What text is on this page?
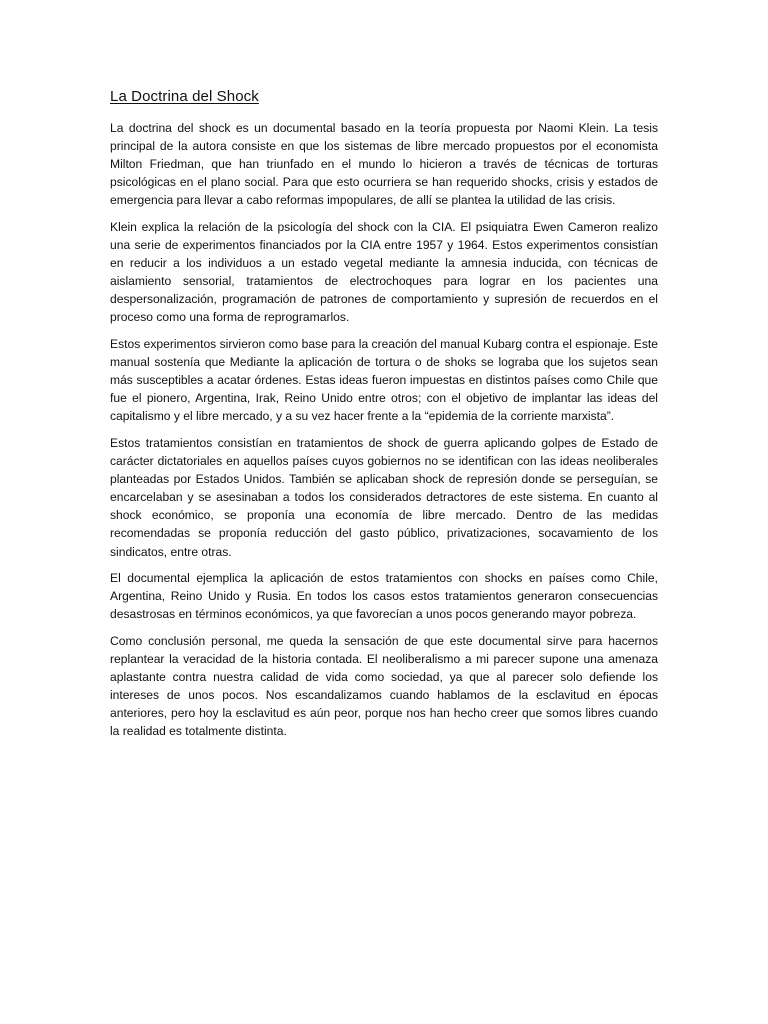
La Doctrina del Shock

La doctrina del shock es un documental basado en la teoría propuesta por Naomi Klein. La tesis principal de la autora consiste en que los sistemas de libre mercado propuestos por el economista Milton Friedman, que han triunfado en el mundo lo hicieron a través de técnicas de torturas psicológicas en el plano social. Para que esto ocurriera se han requerido shocks, crisis y estados de emergencia para llevar a cabo reformas impopulares, de allí se plantea la utilidad de las crisis.

Klein explica la relación de la psicología del shock con la CIA. El psiquiatra Ewen Cameron realizo una serie de experimentos financiados por la CIA entre 1957 y 1964. Estos experimentos consistían en reducir a los individuos a un estado vegetal mediante la amnesia inducida, con técnicas de aislamiento sensorial, tratamientos de electrochoques para lograr en los pacientes una despersonalización, programación de patrones de comportamiento y supresión de recuerdos en el proceso como una forma de reprogramarlos.

Estos experimentos sirvieron como base para la creación del manual Kubarg contra el espionaje. Este manual sostenía que Mediante la aplicación de tortura o de shoks se lograba que los sujetos sean más susceptibles a acatar órdenes. Estas ideas fueron impuestas en distintos países como Chile que fue el pionero, Argentina, Irak, Reino Unido entre otros; con el objetivo de implantar las ideas del capitalismo y el libre mercado, y a su vez hacer frente a la “epidemia de la corriente marxista”.

Estos tratamientos consistían en tratamientos de shock de guerra aplicando golpes de Estado de carácter dictatoriales en aquellos países cuyos gobiernos no se identifican con las ideas neoliberales planteadas por Estados Unidos. También se aplicaban shock de represión donde se perseguían, se encarcelaban y se asesinaban a todos los considerados detractores de este sistema. En cuanto al shock económico, se proponía una economía de libre mercado. Dentro de las medidas recomendadas se proponía reducción del gasto público, privatizaciones, socavamiento de los sindicatos, entre otras.

El documental ejemplica la aplicación de estos tratamientos con shocks en países como Chile, Argentina, Reino Unido y Rusia. En todos los casos estos tratamientos generaron consecuencias desastrosas en términos económicos, ya que favorecían a unos pocos generando mayor pobreza.

Como conclusión personal, me queda la sensación de que este documental sirve para hacernos replantear la veracidad de la historia contada. El neoliberalismo a mi parecer supone una amenaza aplastante contra nuestra calidad de vida como sociedad, ya que al parecer solo defiende los intereses de unos pocos. Nos escandalizamos cuando hablamos de la esclavitud en épocas anteriores, pero hoy la esclavitud es aún peor, porque nos han hecho creer que somos libres cuando la realidad es totalmente distinta.
